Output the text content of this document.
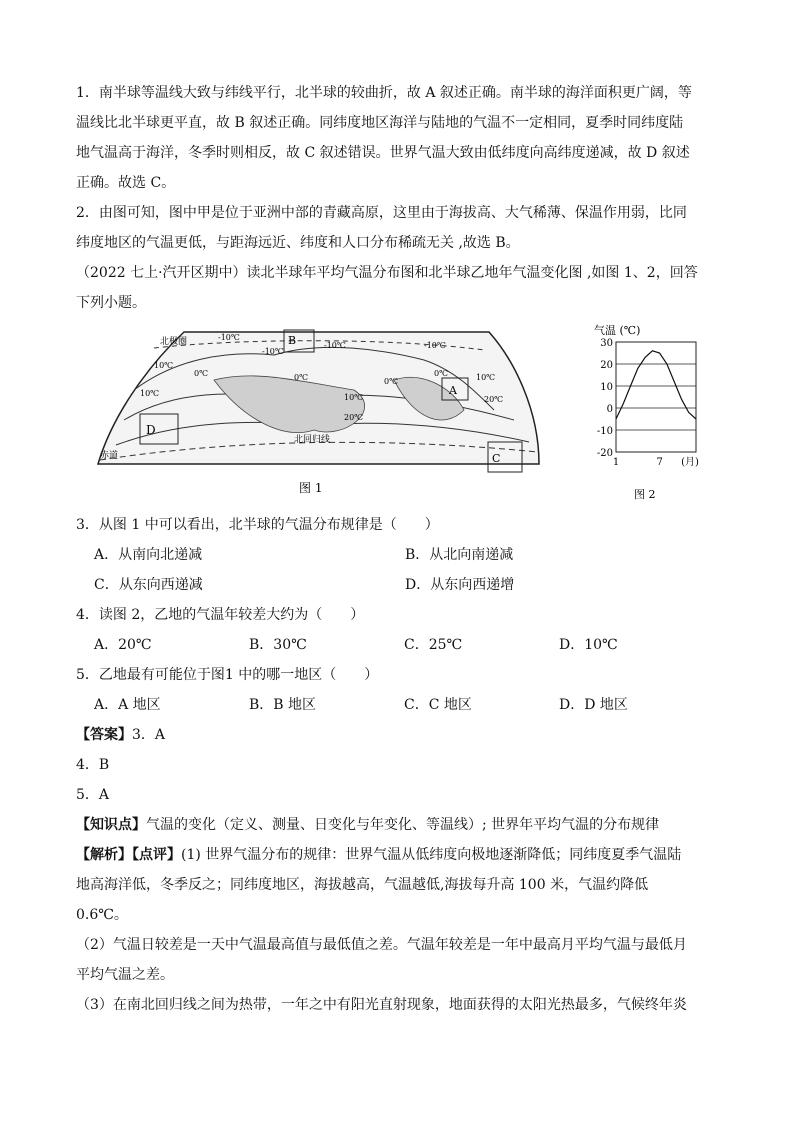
1．南半球等温线大致与纬线平行，北半球的较曲折，故 A 叙述正确。南半球的海洋面积更广阔，等
温线比北半球更平直，故 B 叙述正确。同纬度地区海洋与陆地的气温不一定相同，夏季时同纬度陆
地气温高于海洋，冬季时则相反，故 C 叙述错误。世界气温大致由低纬度向高纬度递减，故 D 叙述
正确。故选 C。
2．由图可知，图中甲是位于亚洲中部的青藏高原，这里由于海拔高、大气稀薄、保温作用弱，比同
纬度地区的气温更低，与距海远近、纬度和人口分布稀疏无关 ,故选 B。
（2022 七上·汽开区期中）读北半球年平均气温分布图和北半球乙地年气温变化图 ,如图 1、2，回答
下列小题。
北极圈
北回归线
赤道
-10℃
-10℃
-10℃	-10℃
0℃	0℃	0℃
0℃
10℃
10℃	10℃
10℃
20℃
20℃
A
B
C
D
图 1
气温 (℃)
30
20
10
0
-10
-20
1	7 (月)
图 2
3．从图 1 中可以看出，北半球的气温分布规律是（　　）
A．从南向北递减	B．从北向南递减
C．从东向西递减	D．从东向西递增
4．读图 2，乙地的气温年较差大约为（　　）
A．20℃	B．30℃	C．25℃	D．10℃
5．乙地最有可能位于图1 中的哪一地区（　　）
A．A 地区	B．B 地区	C．C 地区	D．D 地区
【答案】3．A
4．B
5．A
【知识点】气温的变化（定义、测量、日变化与年变化、等温线）; 世界年平均气温的分布规律
【解析】【点评】(1) 世界气温分布的规律：世界气温从低纬度向极地逐渐降低；同纬度夏季气温陆
地高海洋低，冬季反之；同纬度地区，海拔越高，气温越低,海拔每升高 100 米，气温约降低
0.6℃。
（2）气温日较差是一天中气温最高值与最低值之差。气温年较差是一年中最高月平均气温与最低月
平均气温之差。
（3）在南北回归线之间为热带，一年之中有阳光直射现象，地面获得的太阳光热最多，气候终年炎
